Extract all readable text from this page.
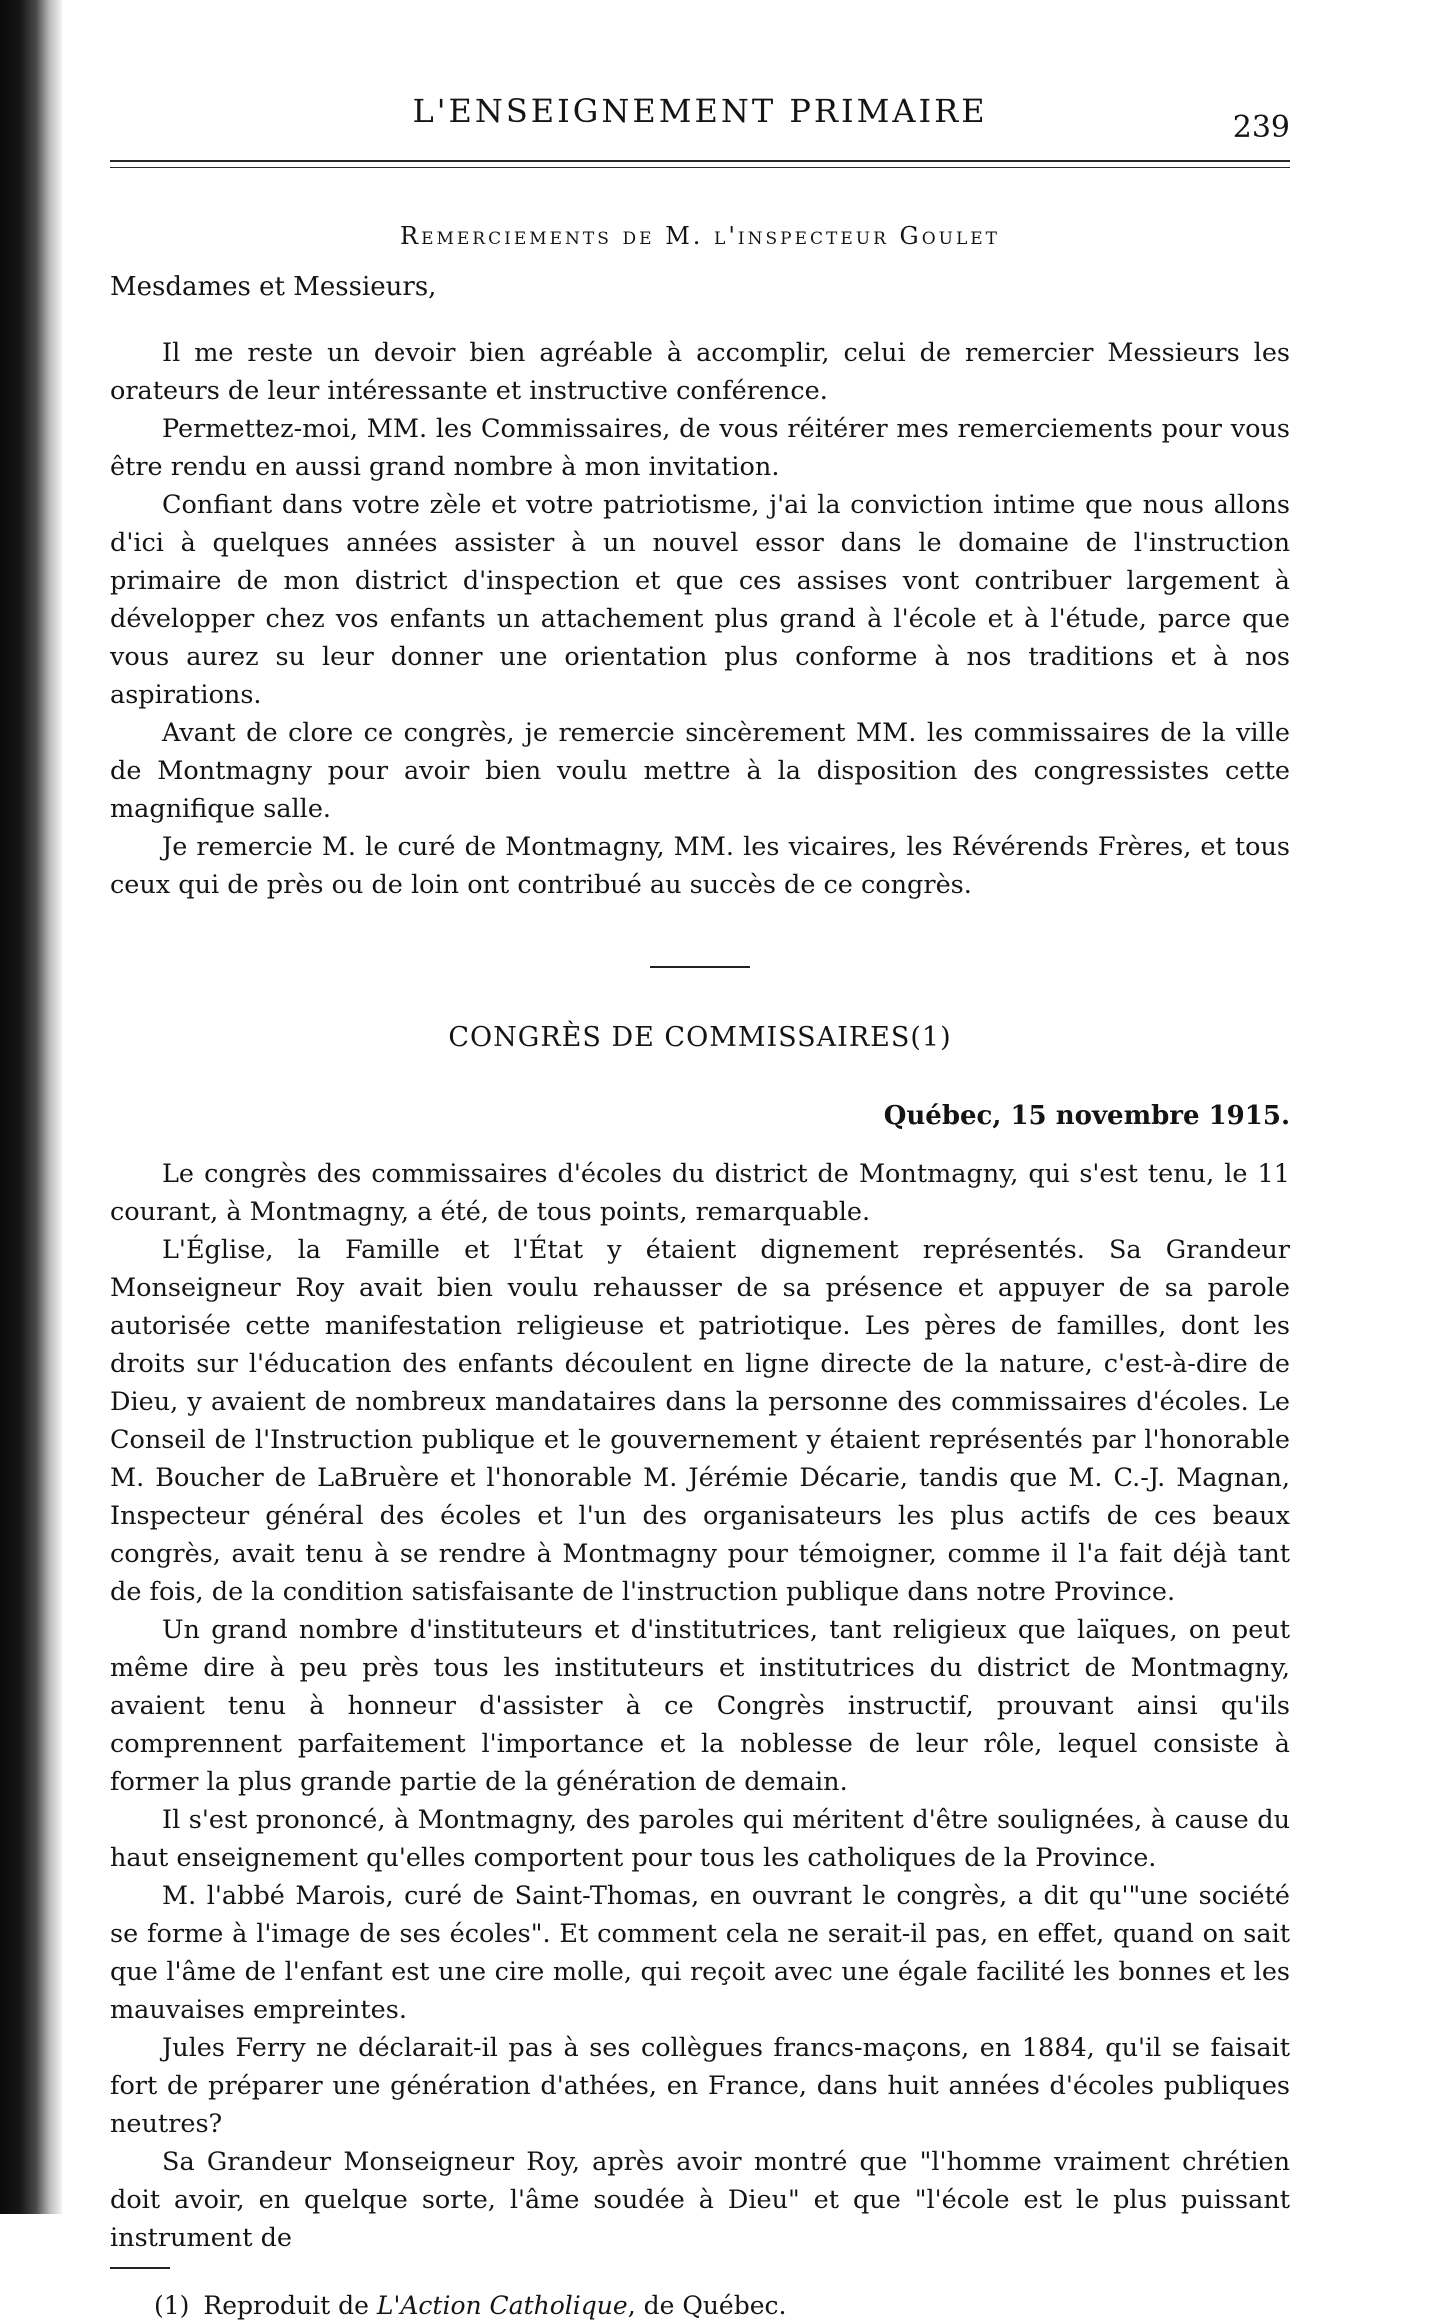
L'ENSEIGNEMENT PRIMAIRE	239
Remerciements de M. l'inspecteur Goulet
Mesdames et Messieurs,

Il me reste un devoir bien agréable à accomplir, celui de remercier Messieurs les orateurs de leur intéressante et instructive conférence.

Permettez-moi, MM. les Commissaires, de vous réitérer mes remerciements pour vous être rendu en aussi grand nombre à mon invitation.

Confiant dans votre zèle et votre patriotisme, j'ai la conviction intime que nous allons d'ici à quelques années assister à un nouvel essor dans le domaine de l'instruction primaire de mon district d'inspection et que ces assises vont contribuer largement à développer chez vos enfants un attachement plus grand à l'école et à l'étude, parce que vous aurez su leur donner une orientation plus conforme à nos traditions et à nos aspirations.

Avant de clore ce congrès, je remercie sincèrement MM. les commissaires de la ville de Montmagny pour avoir bien voulu mettre à la disposition des congressistes cette magnifique salle.

Je remercie M. le curé de Montmagny, MM. les vicaires, les Révérends Frères, et tous ceux qui de près ou de loin ont contribué au succès de ce congrès.

CONGRÈS DE COMMISSAIRES(1)
Québec, 15 novembre 1915.

Le congrès des commissaires d'écoles du district de Montmagny, qui s'est tenu, le 11 courant, à Montmagny, a été, de tous points, remarquable.

L'Église, la Famille et l'État y étaient dignement représentés. Sa Grandeur Monseigneur Roy avait bien voulu rehausser de sa présence et appuyer de sa parole autorisée cette manifestation religieuse et patriotique. Les pères de familles, dont les droits sur l'éducation des enfants découlent en ligne directe de la nature, c'est-à-dire de Dieu, y avaient de nombreux mandataires dans la personne des commissaires d'écoles. Le Conseil de l'Instruction publique et le gouvernement y étaient représentés par l'honorable M. Boucher de LaBruère et l'honorable M. Jérémie Décarie, tandis que M. C.-J. Magnan, Inspecteur général des écoles et l'un des organisateurs les plus actifs de ces beaux congrès, avait tenu à se rendre à Montmagny pour témoigner, comme il l'a fait déjà tant de fois, de la condition satisfaisante de l'instruction publique dans notre Province.

Un grand nombre d'instituteurs et d'institutrices, tant religieux que laïques, on peut même dire à peu près tous les instituteurs et institutrices du district de Montmagny, avaient tenu à honneur d'assister à ce Congrès instructif, prouvant ainsi qu'ils comprennent parfaitement l'importance et la noblesse de leur rôle, lequel consiste à former la plus grande partie de la génération de demain.

Il s'est prononcé, à Montmagny, des paroles qui méritent d'être soulignées, à cause du haut enseignement qu'elles comportent pour tous les catholiques de la Province.

M. l'abbé Marois, curé de Saint-Thomas, en ouvrant le congrès, a dit qu'"une société se forme à l'image de ses écoles". Et comment cela ne serait-il pas, en effet, quand on sait que l'âme de l'enfant est une cire molle, qui reçoit avec une égale facilité les bonnes et les mauvaises empreintes.

Jules Ferry ne déclarait-il pas à ses collègues francs-maçons, en 1884, qu'il se faisait fort de préparer une génération d'athées, en France, dans huit années d'écoles publiques neutres?

Sa Grandeur Monseigneur Roy, après avoir montré que "l'homme vraiment chrétien doit avoir, en quelque sorte, l'âme soudée à Dieu" et que "l'école est le plus puissant instrument de

(1) Reproduit de L'Action Catholique, de Québec.
